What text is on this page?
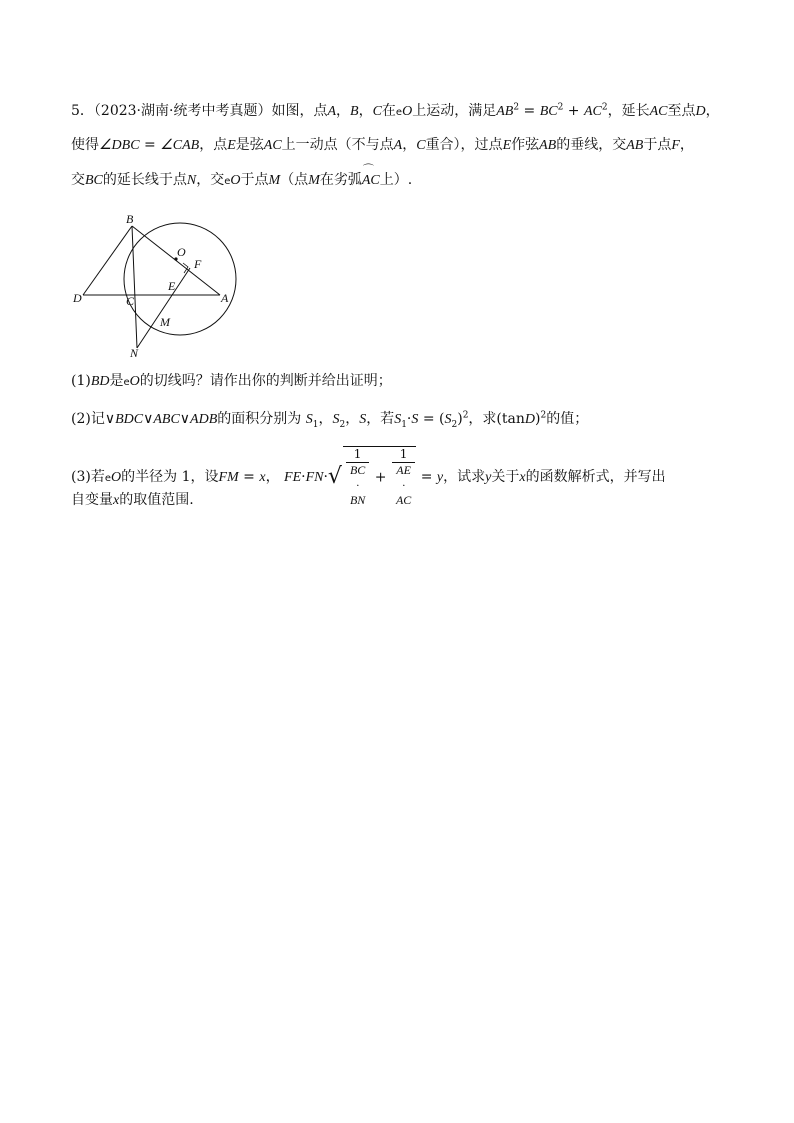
5．（2023·湖南·统考中考真题）如图，点A，B，C在eO上运动，满足$AB^2 = BC^2 + AC^2$，延长AC至点D，
使得∠DBC = ∠CAB，点E是弦AC上一动点（不与点A，C重合），过点E作弦AB的垂线，交AB于点F，
交BC的延长线于点N，交eO于点M（点M在劣弧⌒ AC上）.
B
O
F
D	C
E
A
M
N
(1)BD是eO的切线吗？请作出你的判断并给出证明；
(2)记∨BDC∨ABC∨ADB的面积分别为 $S_1$，$S_2$，S，若$S_1\cdot S = (S_2)^2$，求$(\tan D)^2$的值；
(3)若eO的半径为 1，设FM = x， FE·FN·√ 1
BC
·
BN + 1
AE
·
AC = y，试求y关于x的函数解析式，并写出
自变量x的取值范围.
